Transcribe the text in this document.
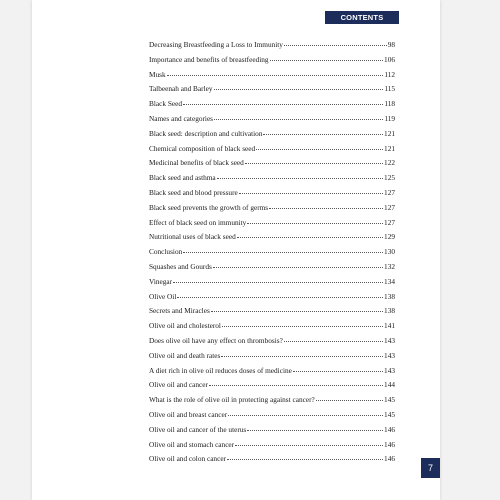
CONTENTS
Decreasing Breastfeeding a Loss to Immunity	98
Importance and benefits of breastfeeding	106
Musk	112
Talbeenah and Barley	115
Black Seed	118
Names and categories	119
Black seed: description and cultivation	121
Chemical composition of black seed	121
Medicinal benefits of black seed	122
Black seed and asthma	125
Black seed and blood pressure	127
Black seed prevents the growth of germs	127
Effect of black seed on immunity	127
Nutritional uses of black seed	129
Conclusion	130
Squashes and Gourds	132
Vinegar	134
Olive Oil	138
Secrets and Miracles	138
Olive oil and cholesterol	141
Does olive oil have any effect on thrombosis?	143
Olive oil and death rates	143
A diet rich in olive oil reduces doses of medicine	143
Olive oil and cancer	144
What is the role of olive oil in protecting against cancer?	145
Olive oil and breast cancer	145
Olive oil and cancer of the uterus	146
Olive oil and stomach cancer	146
Olive oil and colon cancer	146
7
